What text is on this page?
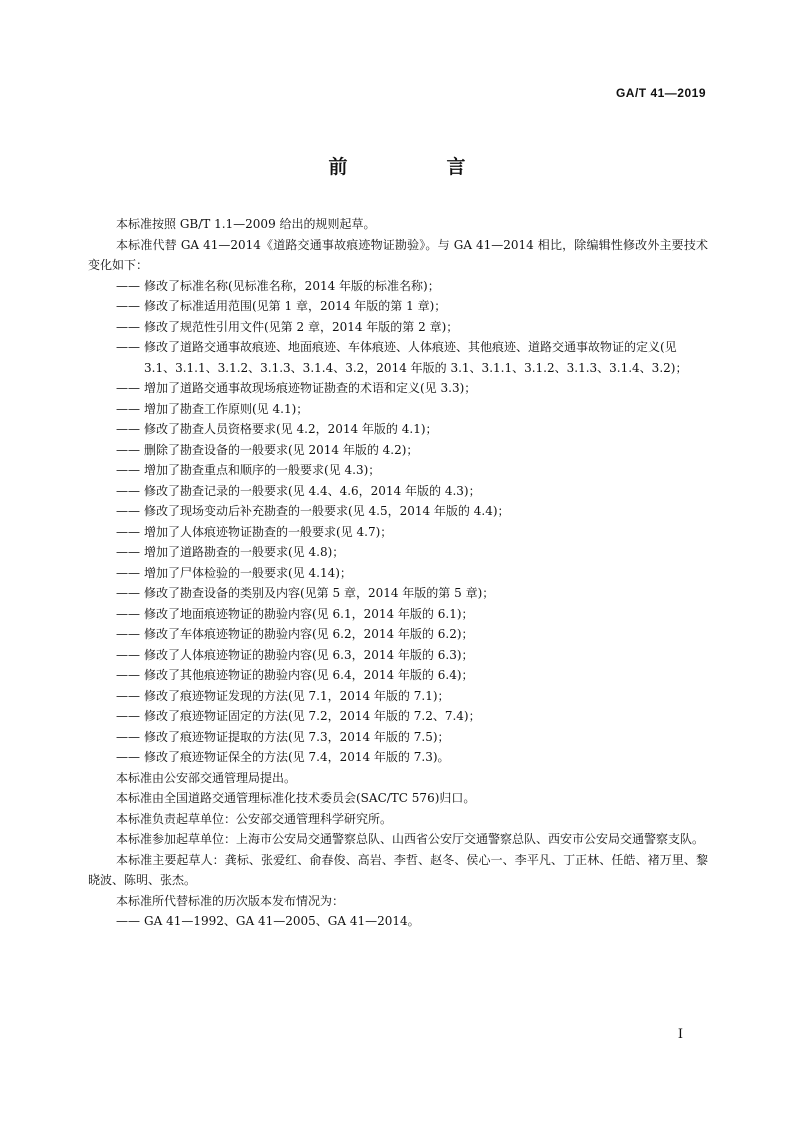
GA/T 41—2019
前　言

本标准按照 GB/T 1.1—2009 给出的规则起草。

本标准代替 GA 41—2014《道路交通事故痕迹物证勘验》。与 GA 41—2014 相比，除编辑性修改外主要技术变化如下：

—— 修改了标准名称(见标准名称，2014 年版的标准名称)；

—— 修改了标准适用范围(见第 1 章，2014 年版的第 1 章)；

—— 修改了规范性引用文件(见第 2 章，2014 年版的第 2 章)；

—— 修改了道路交通事故痕迹、地面痕迹、车体痕迹、人体痕迹、其他痕迹、道路交通事故物证的定义(见 3.1、3.1.1、3.1.2、3.1.3、3.1.4、3.2，2014 年版的 3.1、3.1.1、3.1.2、3.1.3、3.1.4、3.2)；

—— 增加了道路交通事故现场痕迹物证勘查的术语和定义(见 3.3)；

—— 增加了勘查工作原则(见 4.1)；

—— 修改了勘查人员资格要求(见 4.2，2014 年版的 4.1)；

—— 删除了勘查设备的一般要求(见 2014 年版的 4.2)；

—— 增加了勘查重点和顺序的一般要求(见 4.3)；

—— 修改了勘查记录的一般要求(见 4.4、4.6，2014 年版的 4.3)；

—— 修改了现场变动后补充勘查的一般要求(见 4.5，2014 年版的 4.4)；

—— 增加了人体痕迹物证勘查的一般要求(见 4.7)；

—— 增加了道路勘查的一般要求(见 4.8)；

—— 增加了尸体检验的一般要求(见 4.14)；

—— 修改了勘查设备的类别及内容(见第 5 章，2014 年版的第 5 章)；

—— 修改了地面痕迹物证的勘验内容(见 6.1，2014 年版的 6.1)；

—— 修改了车体痕迹物证的勘验内容(见 6.2，2014 年版的 6.2)；

—— 修改了人体痕迹物证的勘验内容(见 6.3，2014 年版的 6.3)；

—— 修改了其他痕迹物证的勘验内容(见 6.4，2014 年版的 6.4)；

—— 修改了痕迹物证发现的方法(见 7.1，2014 年版的 7.1)；

—— 修改了痕迹物证固定的方法(见 7.2，2014 年版的 7.2、7.4)；

—— 修改了痕迹物证提取的方法(见 7.3，2014 年版的 7.5)；

—— 修改了痕迹物证保全的方法(见 7.4，2014 年版的 7.3)。

本标准由公安部交通管理局提出。

本标准由全国道路交通管理标准化技术委员会(SAC/TC 576)归口。

本标准负责起草单位：公安部交通管理科学研究所。

本标准参加起草单位：上海市公安局交通警察总队、山西省公安厅交通警察总队、西安市公安局交通警察支队。

本标准主要起草人：龚标、张爱红、俞春俊、高岩、李哲、赵冬、侯心一、李平凡、丁正林、任皓、褚万里、黎晓波、陈明、张杰。

本标准所代替标准的历次版本发布情况为：

—— GA 41—1992、GA 41—2005、GA 41—2014。

I
